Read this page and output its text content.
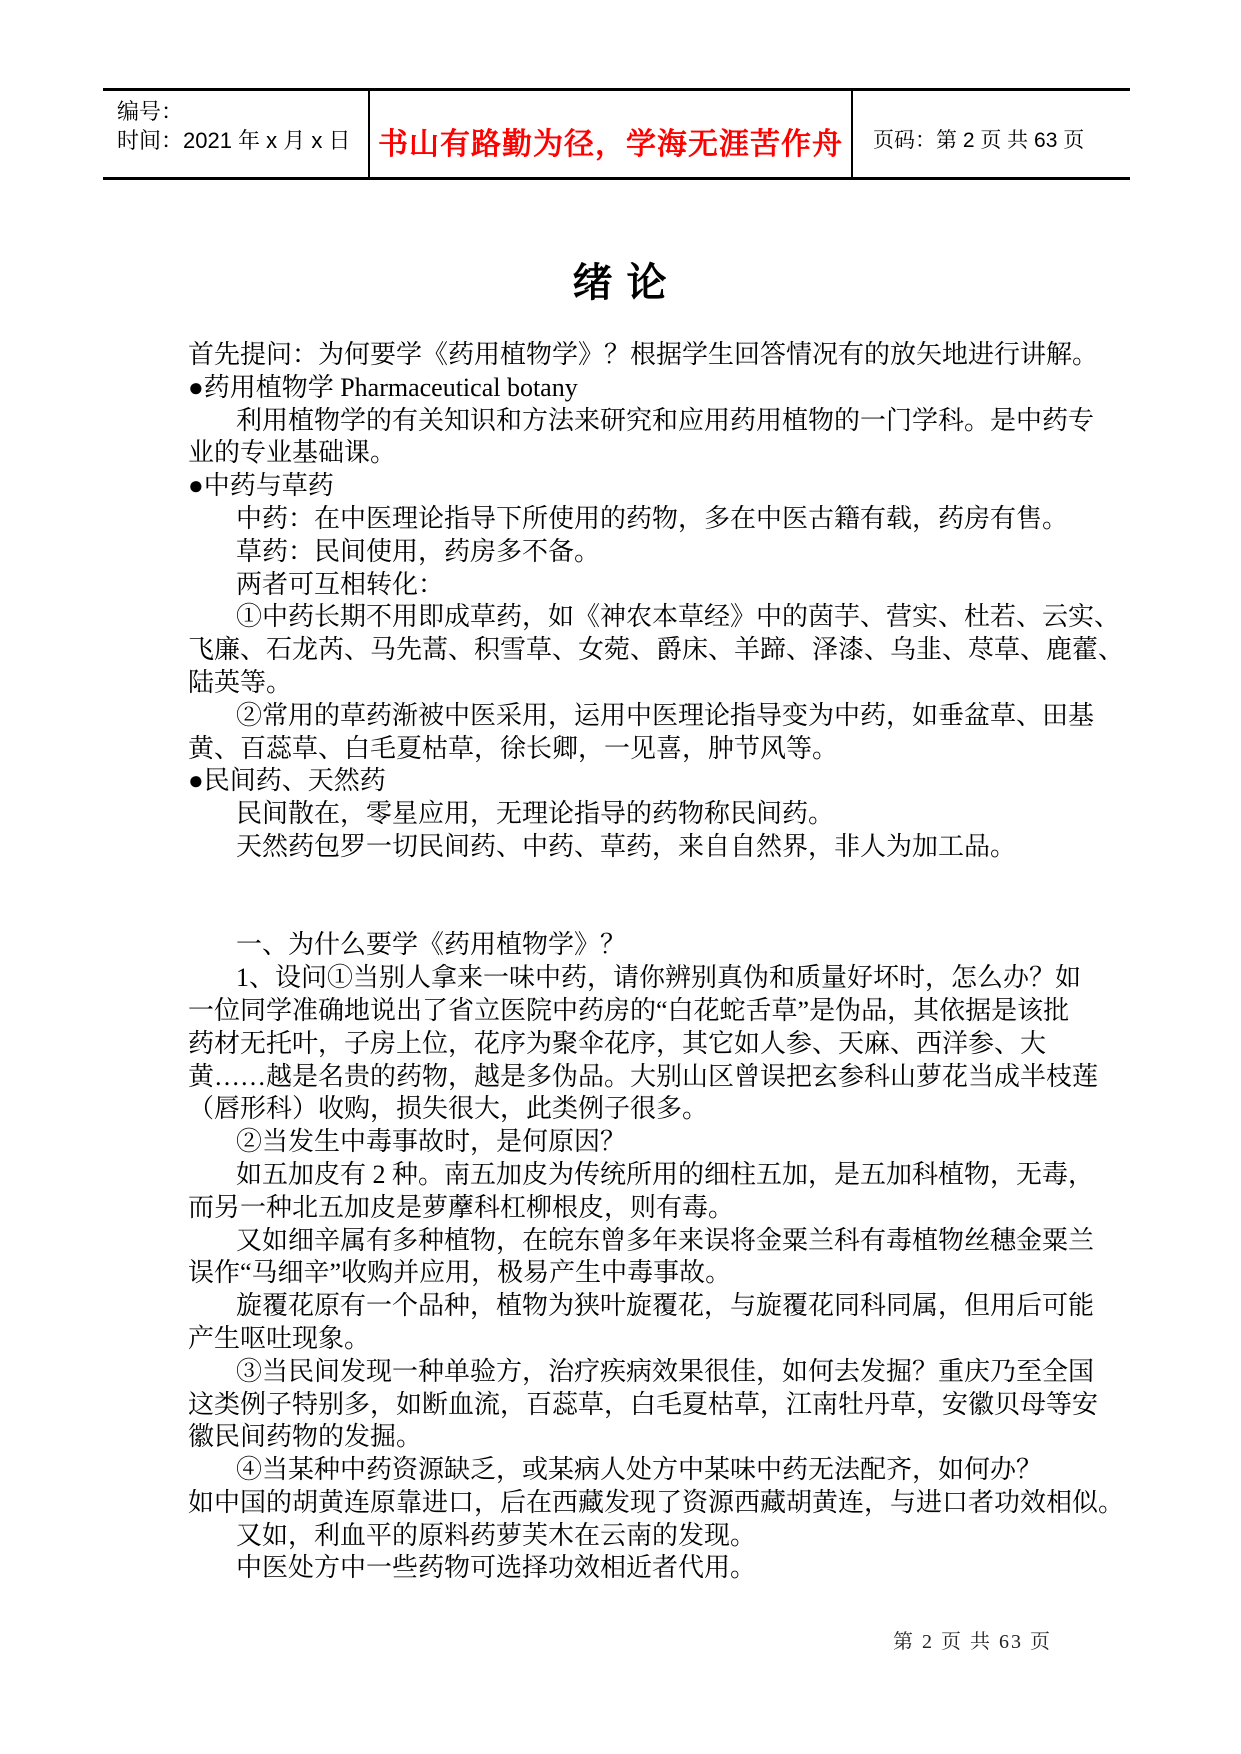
编号：
时间：2021 年 x 月 x 日 书山有路勤为径，学海无涯苦作舟 页码：第 2 页 共 63 页
绪 论
首先提问：为何要学《药用植物学》？根据学生回答情况有的放矢地进行讲解。
●药用植物学 Pharmaceutical botany
利用植物学的有关知识和方法来研究和应用药用植物的一门学科。是中药专
业的专业基础课。
●中药与草药
中药：在中医理论指导下所使用的药物，多在中医古籍有载，药房有售。
草药：民间使用，药房多不备。
两者可互相转化：
①中药长期不用即成草药，如《神农本草经》中的茵芋、营实、杜若、云实、
飞廉、石龙芮、马先蒿、积雪草、女菀、爵床、羊蹄、泽漆、乌韭、荩草、鹿藿、
陆英等。
②常用的草药渐被中医采用，运用中医理论指导变为中药，如垂盆草、田基
黄、百蕊草、白毛夏枯草，徐长卿，一见喜，肿节风等。
●民间药、天然药
民间散在，零星应用，无理论指导的药物称民间药。
天然药包罗一切民间药、中药、草药，来自自然界，非人为加工品。

一、为什么要学《药用植物学》？
1、设问①当别人拿来一味中药，请你辨别真伪和质量好坏时，怎么办？如
一位同学准确地说出了省立医院中药房的“白花蛇舌草”是伪品，其依据是该批
药材无托叶，子房上位，花序为聚伞花序，其它如人参、天麻、西洋参、大
黄……越是名贵的药物，越是多伪品。大别山区曾误把玄参科山萝花当成半枝莲
（唇形科）收购，损失很大，此类例子很多。
②当发生中毒事故时，是何原因？
如五加皮有 2 种。南五加皮为传统所用的细柱五加，是五加科植物，无毒，
而另一种北五加皮是萝藦科杠柳根皮，则有毒。
又如细辛属有多种植物，在皖东曾多年来误将金粟兰科有毒植物丝穗金粟兰
误作“马细辛”收购并应用，极易产生中毒事故。
旋覆花原有一个品种，植物为狭叶旋覆花，与旋覆花同科同属，但用后可能
产生呕吐现象。
③当民间发现一种单验方，治疗疾病效果很佳，如何去发掘？重庆乃至全国
这类例子特别多，如断血流，百蕊草，白毛夏枯草，江南牡丹草，安徽贝母等安
徽民间药物的发掘。
④当某种中药资源缺乏，或某病人处方中某味中药无法配齐，如何办？
如中国的胡黄连原靠进口，后在西藏发现了资源西藏胡黄连，与进口者功效相似。
又如，利血平的原料药萝芙木在云南的发现。
中医处方中一些药物可选择功效相近者代用。
第 2 页 共 63 页
